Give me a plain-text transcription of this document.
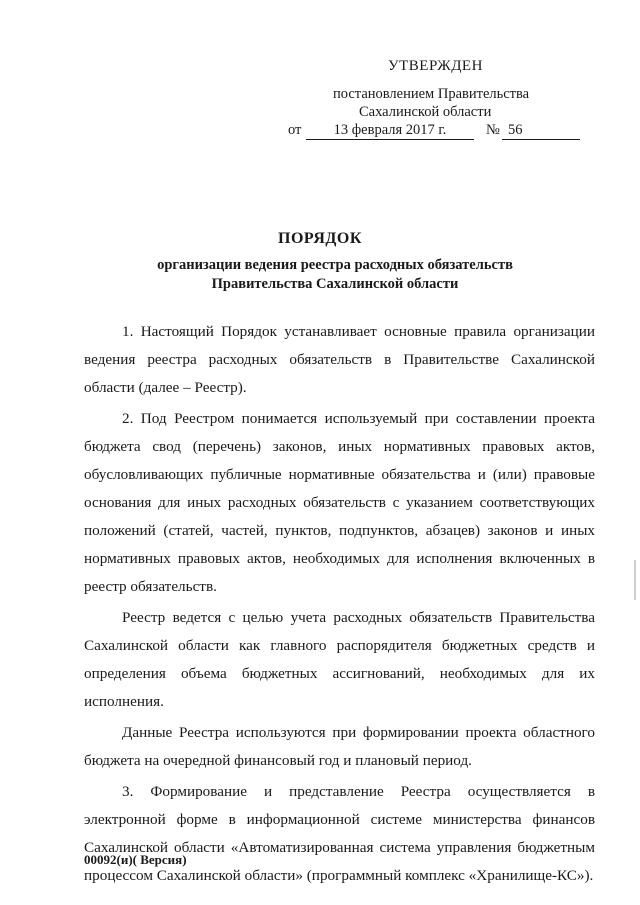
УТВЕРЖДЕН
постановлением Правительства
Сахалинской области
от	13 февраля 2017 г.	№ 56
ПОРЯДОК
организации ведения реестра расходных обязательств Правительства Сахалинской области

1. Настоящий Порядок устанавливает основные правила организации ведения реестра расходных обязательств в Правительстве Сахалинской области (далее – Реестр).

2. Под Реестром понимается используемый при составлении проекта бюджета свод (перечень) законов, иных нормативных правовых актов, обусловливающих публичные нормативные обязательства и (или) правовые основания для иных расходных обязательств с указанием соответствующих положений (статей, частей, пунктов, подпунктов, абзацев) законов и иных нормативных правовых актов, необходимых для исполнения включенных в реестр обязательств.

Реестр ведется с целью учета расходных обязательств Правительства Сахалинской области как главного распорядителя бюджетных средств и определения объема бюджетных ассигнований, необходимых для их исполнения.

Данные Реестра используются при формировании проекта областного бюджета на очередной финансовый год и плановый период.

3. Формирование и представление Реестра осуществляется в электронной форме в информационной системе министерства финансов Сахалинской области «Автоматизированная система управления бюджетным процессом Сахалинской области» (программный комплекс «Хранилище-КС»).

00092(и)( Версия)
